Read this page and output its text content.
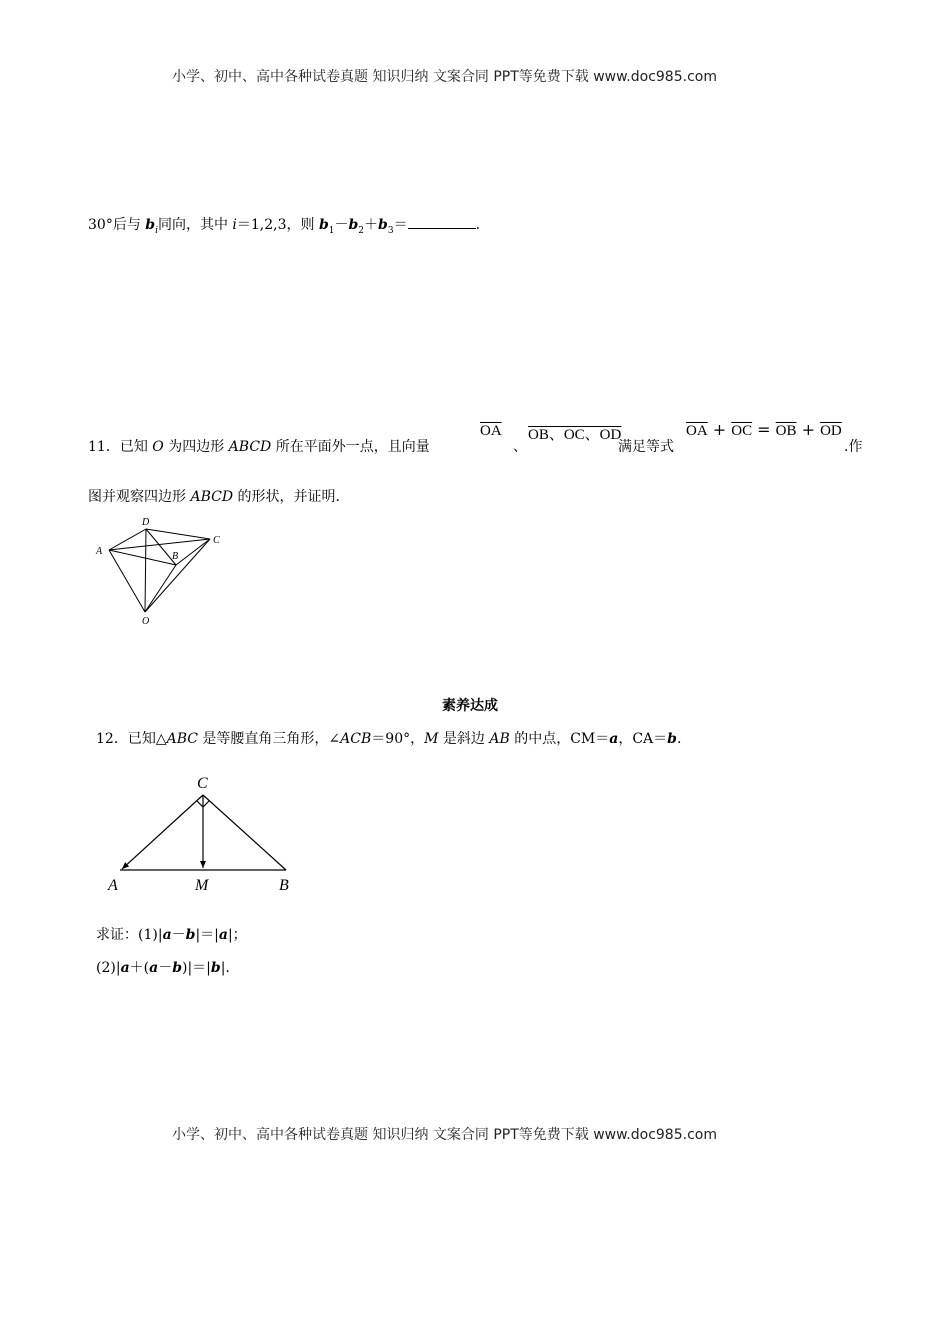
小学、初中、高中各种试卷真题 知识归纳 文案合同 PPT等免费下载 www.doc985.com
30°后与 $b_i$同向，其中 i＝1,2,3，则 $b_1-b_2+b_3=$	.
11．已知 O 为四边形 ABCD 所在平面外一点，且向量
$\overline{OA}$
、
OB、OC、OD
满足等式
$\overline{OA} + \overline{OC} = \overline{OB} + \overline{OD}$
.作
图并观察四边形 ABCD 的形状，并证明．
A
D
C
B
O
素养达成
12．已知△ABC 是等腰直角三角形，∠ACB＝90°，M 是斜边 AB 的中点，CM＝a，CA＝b.
C
A	M	B
求证：(1)|a－b|＝|a|；
(2)|a＋(a－b)|＝|b|.
小学、初中、高中各种试卷真题 知识归纳 文案合同 PPT等免费下载 www.doc985.com
